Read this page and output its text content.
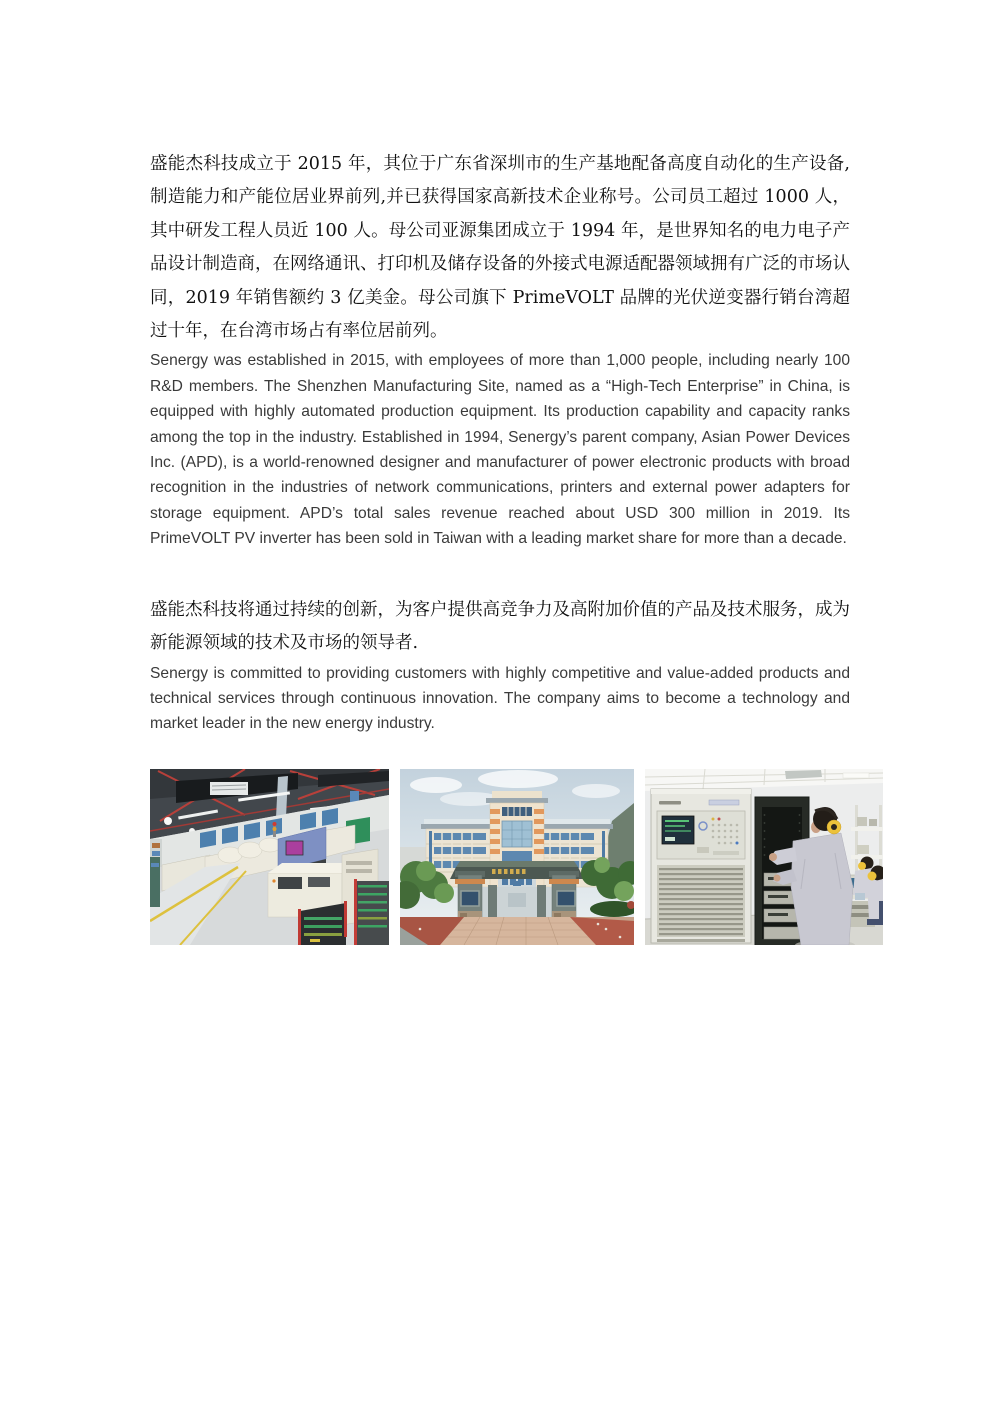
盛能杰科技成立于 2015 年，其位于广东省深圳市的生产基地配备高度自动化的生产设备,制造能力和产能位居业界前列,并已获得国家高新技术企业称号。公司员工超过 1000 人，其中研发工程人员近 100 人。母公司亚源集团成立于 1994 年，是世界知名的电力电子产品设计制造商，在网络通讯、打印机及储存设备的外接式电源适配器领域拥有广泛的市场认同，2019 年销售额约 3 亿美金。母公司旗下 PrimeVOLT 品牌的光伏逆变器行销台湾超过十年，在台湾市场占有率位居前列。

Senergy was established in 2015, with employees of more than 1,000 people, including nearly 100 R&D members. The Shenzhen Manufacturing Site, named as a “High-Tech Enterprise” in China, is equipped with highly automated production equipment. Its production capability and capacity ranks among the top in the industry. Established in 1994, Senergy’s parent company, Asian Power Devices Inc. (APD), is a world-renowned designer and manufacturer of power electronic products with broad recognition in the industries of network communications, printers and external power adapters for storage equipment. APD’s total sales revenue reached about USD 300 million in 2019. Its PrimeVOLT PV inverter has been sold in Taiwan with a leading market share for more than a decade.

盛能杰科技将通过持续的创新，为客户提供高竞争力及高附加价值的产品及技术服务，成为新能源领域的技术及市场的领导者.

Senergy is committed to providing customers with highly competitive and value-added products and technical services through continuous innovation. The company aims to become a technology and market leader in the new energy industry.
